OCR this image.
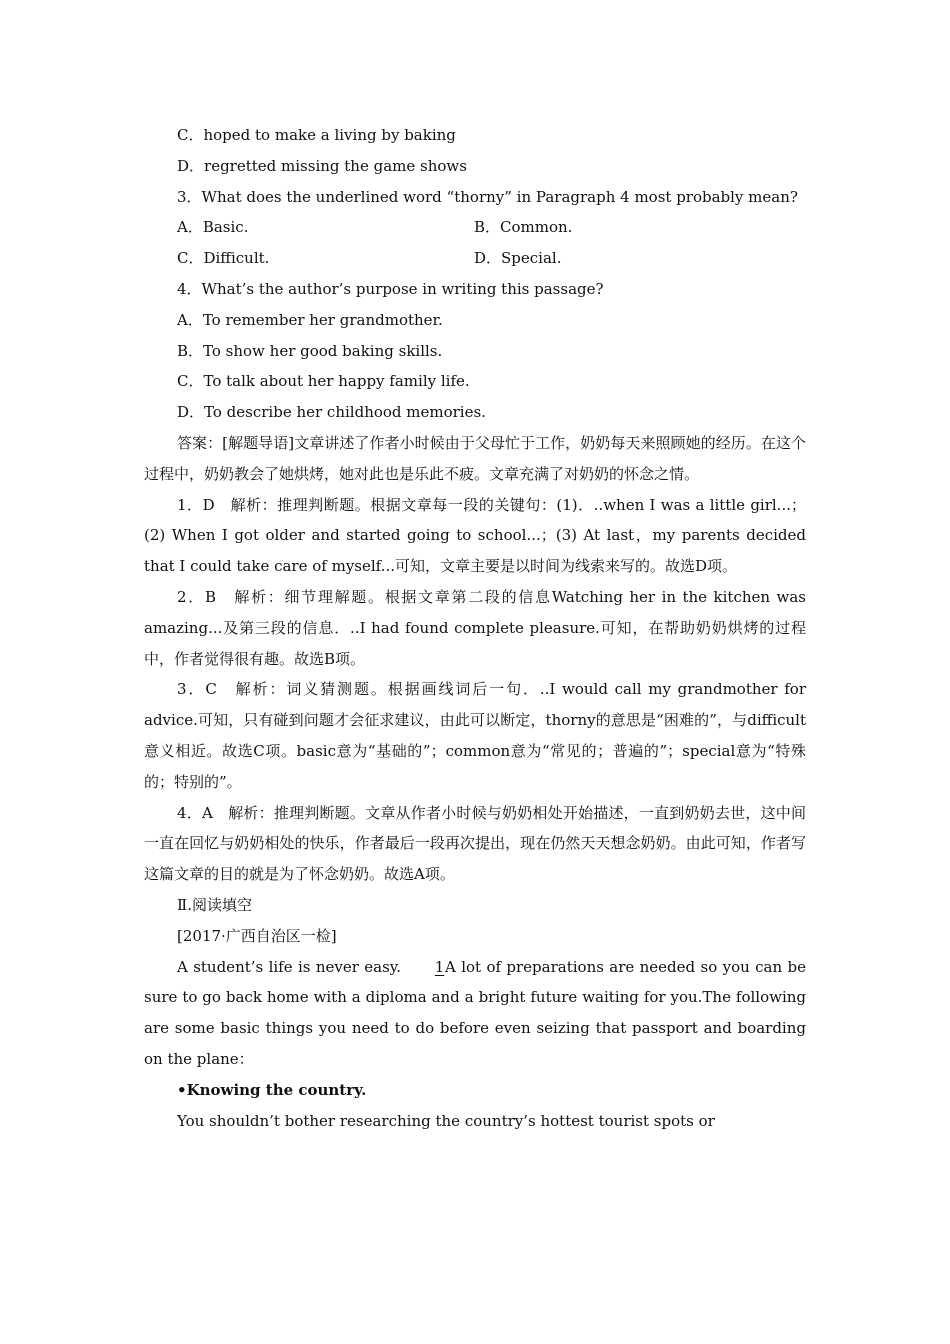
C．hoped to make a living by baking

D．regretted missing the game shows

3．What does the underlined word “thorny” in Paragraph 4 most probably mean?

A．Basic.	B．Common.
C．Difficult.	D．Special.

4．What’s the author’s purpose in writing this passage?

A．To remember her grandmother.

B．To show her good baking skills.

C．To talk about her happy family life.

D．To describe her childhood memories.

答案：[解题导语]文章讲述了作者小时候由于父母忙于工作，奶奶每天来照顾她的经历。在这个过程中，奶奶教会了她烘烤，她对此也是乐此不疲。文章充满了对奶奶的怀念之情。

1．D　解析：推理判断题。根据文章每一段的关键句：(1)．..when I was a little girl...；(2) When I got older and started going to school...；(3) At last，my parents decided that I could take care of myself...可知，文章主要是以时间为线索来写的。故选D项。

2．B　解析：细节理解题。根据文章第二段的信息Watching her in the kitchen was amazing...及第三段的信息．..I had found complete pleasure.可知，在帮助奶奶烘烤的过程中，作者觉得很有趣。故选B项。

3．C　解析：词义猜测题。根据画线词后一句．..I would call my grandmother for advice.可知，只有碰到问题才会征求建议，由此可以断定，thorny的意思是“困难的”，与difficult意义相近。故选C项。basic意为“基础的”；common意为“常见的；普遍的”；special意为“特殊的；特别的”。

4．A　解析：推理判断题。文章从作者小时候与奶奶相处开始描述，一直到奶奶去世，这中间一直在回忆与奶奶相处的快乐，作者最后一段再次提出，现在仍然天天想念奶奶。由此可知，作者写这篇文章的目的就是为了怀念奶奶。故选A项。

Ⅱ.阅读填空

[2017·广西自治区一检]

A student’s life is never easy. 1A lot of preparations are needed so you can be sure to go back home with a diploma and a bright future waiting for you.The following are some basic things you need to do before even seizing that passport and boarding on the plane：

•Knowing the country.

You shouldn’t bother researching the country’s hottest tourist spots or
